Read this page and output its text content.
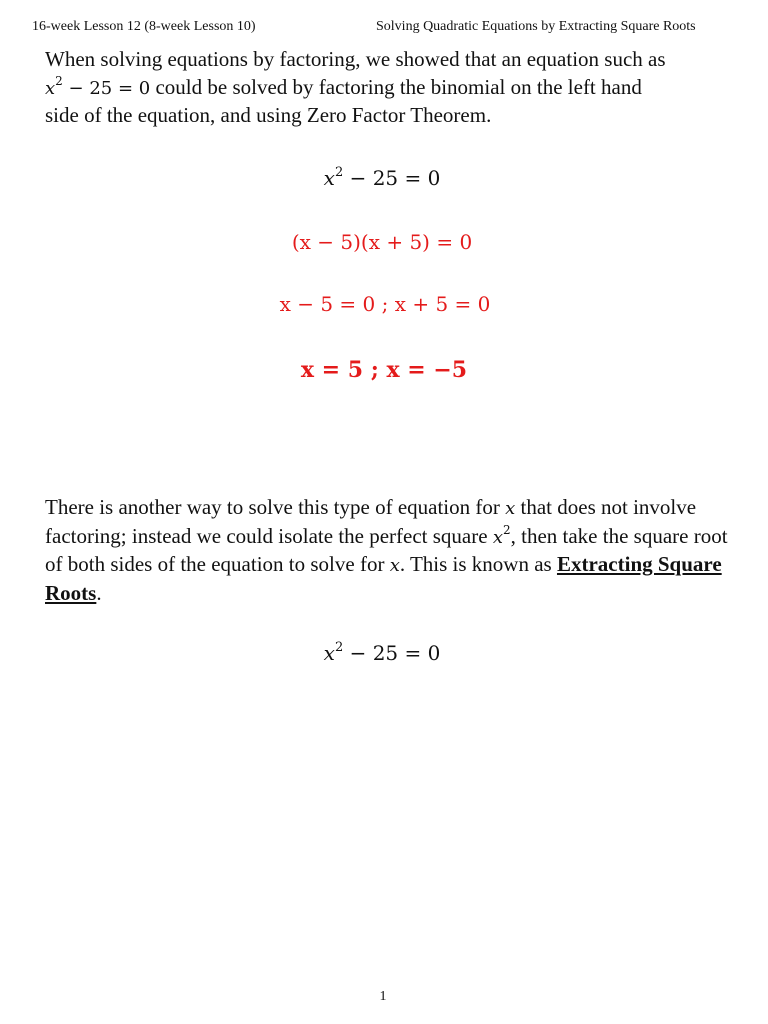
16-week Lesson 12 (8-week Lesson 10)	Solving Quadratic Equations by Extracting Square Roots
When solving equations by factoring, we showed that an equation such as
$x^2 - 25 = 0$ could be solved by factoring the binomial on the left hand
side of the equation, and using Zero Factor Theorem.
$x^2 - 25 = 0$
(x − 5)(x + 5) = 0
x − 5 = 0 ; x + 5 = 0
x = 5 ; x = −5
There is another way to solve this type of equation for x that does not involve factoring; instead we could isolate the perfect square $x^2$, then take the square root of both sides of the equation to solve for x. This is known as Extracting Square Roots.
$x^2 - 25 = 0$
1
